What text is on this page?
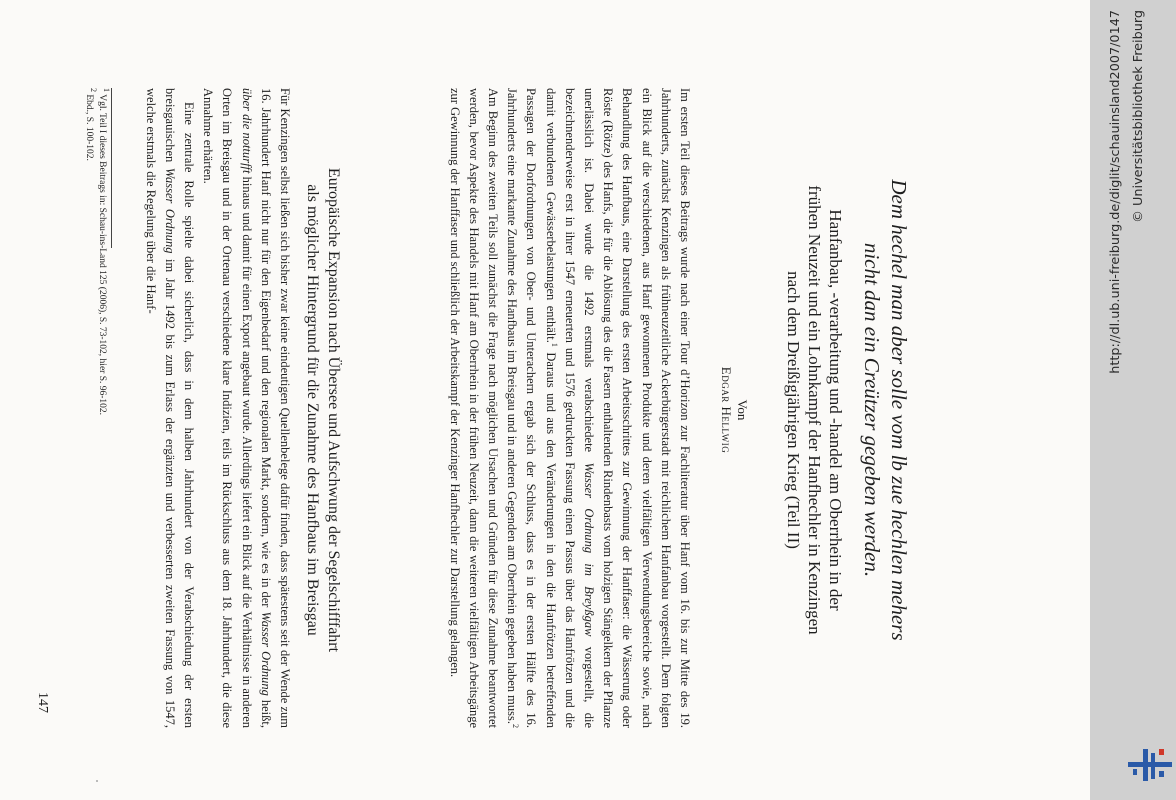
Dem hechel man aber solle vom lb zue hechlen mehers
nicht dan ein Creützer gegeben werden.
Hanfanbau, -verarbeitung und -handel am Oberrhein in der
frühen Neuzeit und ein Lohnkampf der Hanfhechler in Kenzingen
nach dem Dreißigjährigen Krieg (Teil II)
Von
Edgar Hellwig

Im ersten Teil dieses Beitrags wurde nach einer Tour d’Horizon zur Fachliteratur über Hanf vom 16. bis zur Mitte des 19. Jahrhunderts, zunächst Kenzingen als frühneuzeitliche Ackerbürgerstadt mit reichlichem Hanfanbau vorgestellt. Dem folgten ein Blick auf die verschiedenen, aus Hanf gewonnenen Produkte und deren vielfältigen Verwendungsbereiche sowie, nach Behandlung des Hanfbaus, eine Darstellung des ersten Arbeitsschrittes zur Gewinnung der Hanffaser: die Wässerung oder Röste (Rötze) des Hanfs, die für die Ablösung des die Fasern enthaltenden Rindenbasts vom holzigen Stängelkern der Pflanze unerlässlich ist. Dabei wurde die 1492 erstmals verabschiedete Wasser Ordnung im Breyßgaw vorgestellt, die bezeichnenderweise erst in ihrer 1547 erneuerten und 1576 gedruckten Fassung einen Passus über das Hanfrötzen und die damit verbundenen Gewässerbelastungen enthält.$^1$ Daraus und aus den Veränderungen in den die Hanfrötzen betreffenden Passagen der Dorfordnungen von Ober- und Unterachern ergab sich der Schluss, dass es in der ersten Hälfte des 16. Jahrhunderts eine markante Zunahme des Hanfbaus im Breisgau und in anderen Gegenden am Oberrhein gegeben haben muss.$^2$ Am Beginn des zweiten Teils soll zunächst die Frage nach möglichen Ursachen und Gründen für diese Zunahme beantwortet werden, bevor Aspekte des Handels mit Hanf am Oberrhein in der frühen Neuzeit, dann die weiteren vielfältigen Arbeitsgänge zur Gewinnung der Hanffaser und schließlich der Arbeitskampf der Kenzinger Hanfhechler zur Darstellung gelangen.

Europäische Expansion nach Übersee und Aufschwung der Segelschifffahrt
als möglicher Hintergrund für die Zunahme des Hanfbaus im Breisgau

Für Kenzingen selbst ließen sich bisher zwar keine eindeutigen Quellenbelege dafür finden, dass spätestens seit der Wende zum 16. Jahrhundert Hanf nicht nur für den Eigenbedarf und den regionalen Markt, sondern, wie es in der Wasser Ordnung heißt, über die notturfft hinaus und damit für einen Export angebaut wurde. Allerdings liefert ein Blick auf die Verhältnisse in anderen Orten im Breisgau und in der Ortenau verschiedene klare Indizien, teils im Rückschluss aus dem 18. Jahrhundert, die diese Annahme erhärten.

Eine zentrale Rolle spielte dabei sicherlich, dass in dem halben Jahrhundert von der Verabschiedung der ersten breisgauischen Wasser Ordnung im Jahr 1492 bis zum Erlass der ergänzten und verbesserten zweiten Fassung von 1547, welche erstmals die Regelung über die Hanf-

$^1$ Vgl. Teil I dieses Beitrags in: Schau-ins-Land 125 (2006), S. 73-102, hier S. 96-102.
$^2$ Ebd., S. 100-102.
147
http://dl.ub.uni-freiburg.de/diglit/schauinsland2007/0147 © Universitätsbibliothek Freiburg
